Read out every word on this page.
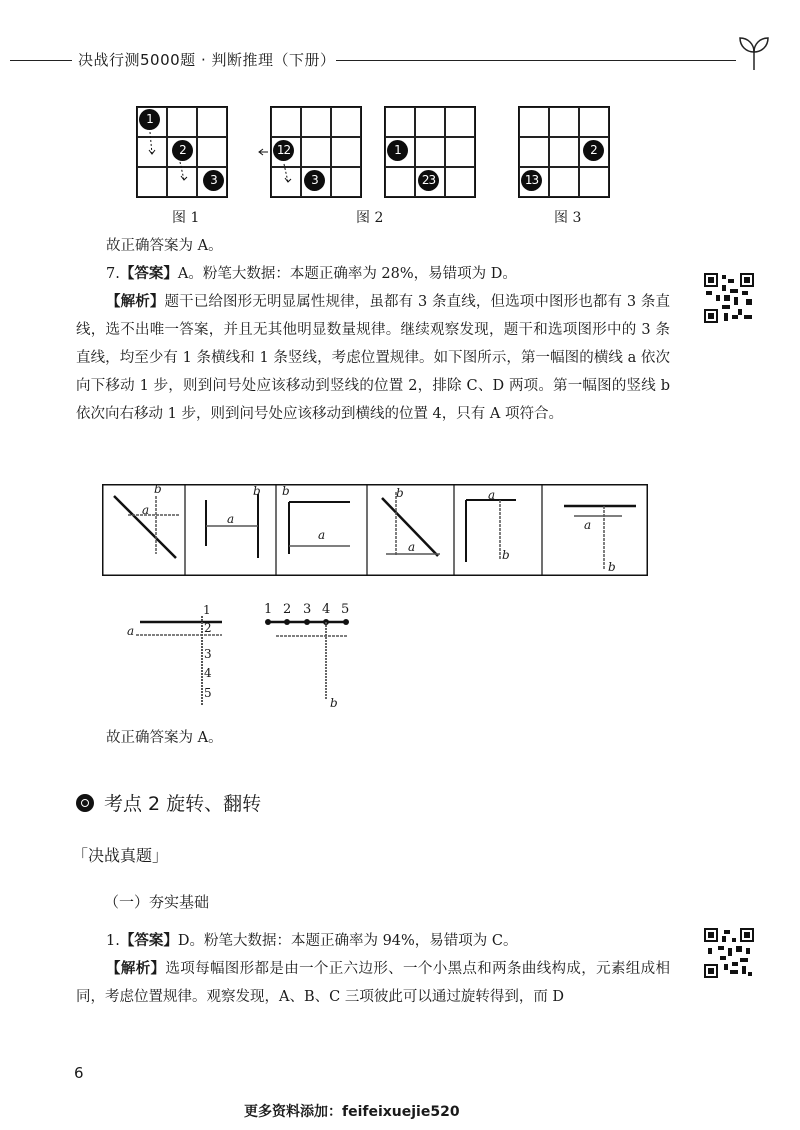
决战行测5000题 · 判断推理（下册）
1
2
3
图 1
12
3
1
23
图 2
2
13
图 3

故正确答案为 A。

7.【答案】A。粉笔大数据：本题正确率为 28%，易错项为 D。

【解析】题干已给图形无明显属性规律，虽都有 3 条直线，但选项中图形也都有 3 条直线，选不出唯一答案，并且无其他明显数量规律。继续观察发现，题干和选项图形中的 3 条直线，均至少有 1 条横线和 1 条竖线，考虑位置规律。如下图所示，第一幅图的横线 a 依次向下移动 1 步，则到问号处应该移动到竖线的位置 2，排除 C、D 两项。第一幅图的竖线 b 依次向右移动 1 步，则到问号处应该移动到横线的位置 4，只有 A 项符合。

b
a
a
b b
a
b
a
a
b
a
b
1
2
3
4
5
a
1 2 3 4 5
b

故正确答案为 A。

考点 2 旋转、翻转
「决战真题」
（一）夯实基础

1.【答案】D。粉笔大数据：本题正确率为 94%，易错项为 C。

【解析】选项每幅图形都是由一个正六边形、一个小黑点和两条曲线构成，元素组成相同，考虑位置规律。观察发现，A、B、C 三项彼此可以通过旋转得到，而 D

6
更多资料添加：feifeixuejie520
